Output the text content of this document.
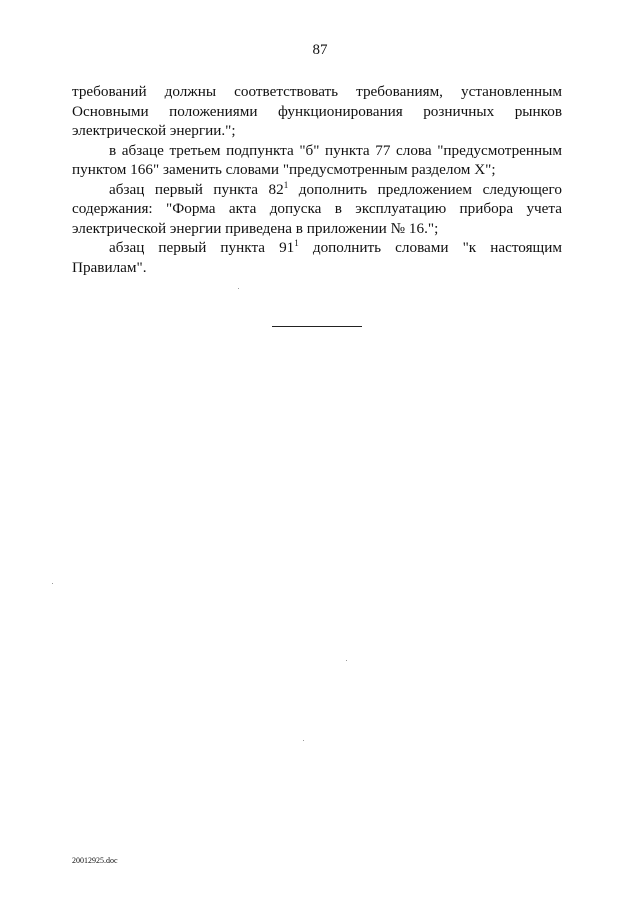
87

требований должны соответствовать требованиям, установленным Основными положениями функционирования розничных рынков электрической энергии.";

в абзаце третьем подпункта "б" пункта 77 слова "предусмотренным пунктом 166" заменить словами "предусмотренным разделом X";

абзац первый пункта $82^1$ дополнить предложением следующего содержания: "Форма акта допуска в эксплуатацию прибора учета электрической энергии приведена в приложении № 16.";

абзац первый пункта $91^1$ дополнить словами "к настоящим Правилам".

20012925.doc
